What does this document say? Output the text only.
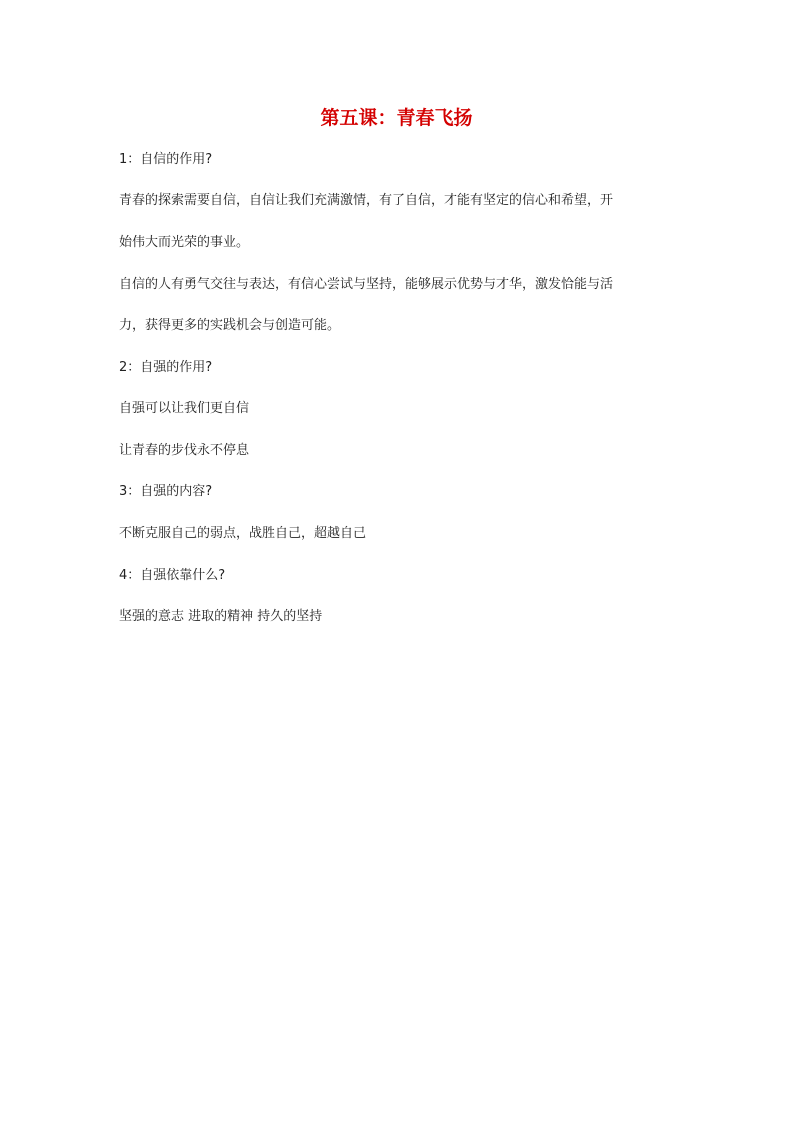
第五课：青春飞扬
1：自信的作用?
青春的探索需要自信，自信让我们充满激情，有了自信，才能有坚定的信心和希望，开
始伟大而光荣的事业。
自信的人有勇气交往与表达，有信心尝试与坚持，能够展示优势与才华，激发恰能与活
力，获得更多的实践机会与创造可能。
2：自强的作用?
自强可以让我们更自信
让青春的步伐永不停息
3：自强的内容?
不断克服自己的弱点，战胜自己，超越自己
4：自强依靠什么?
坚强的意志 进取的精神 持久的坚持
